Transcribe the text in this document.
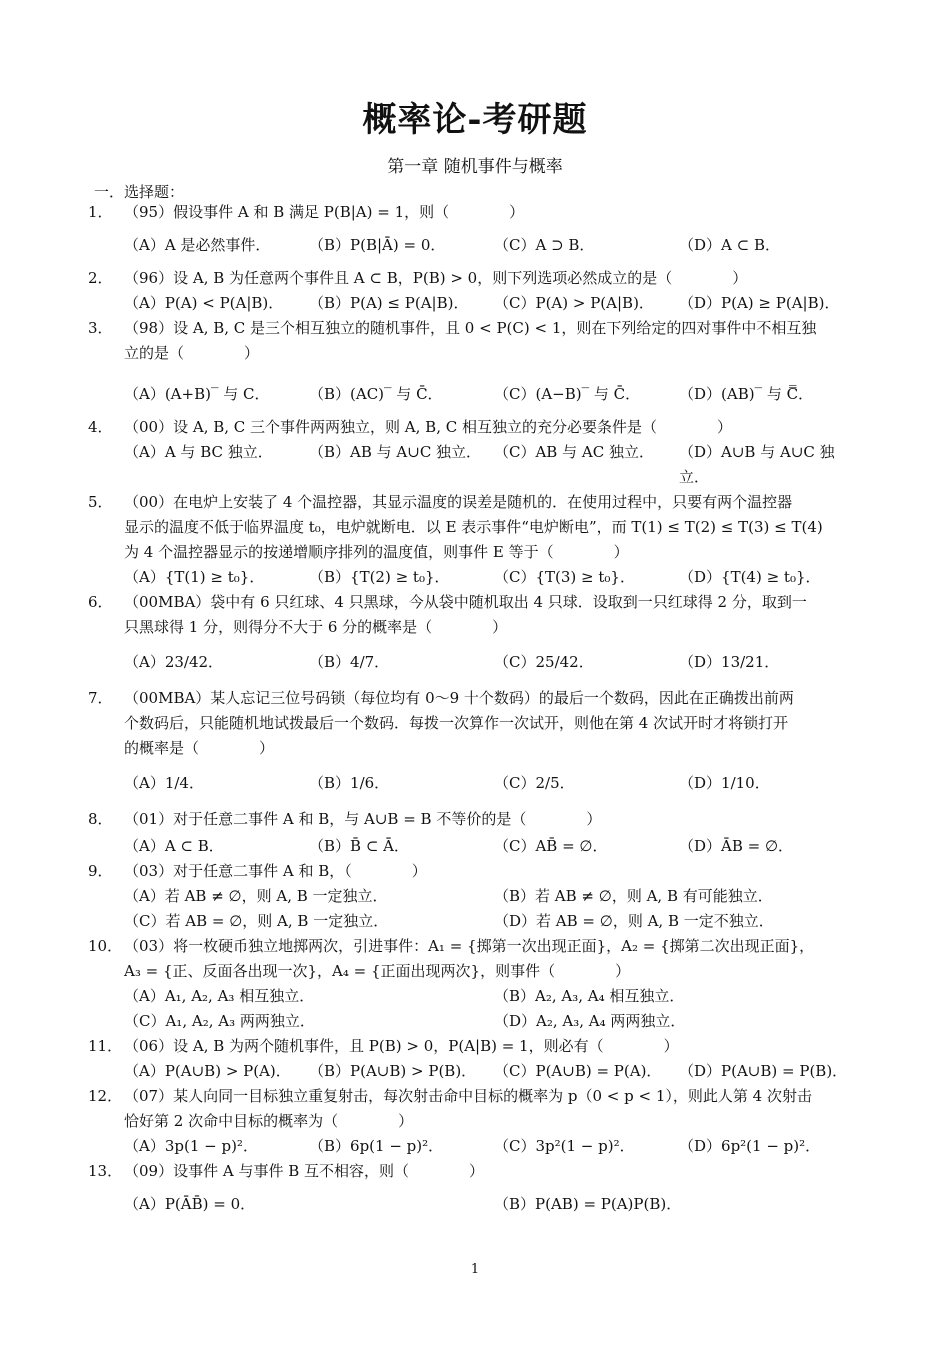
概率论-考研题
第一章 随机事件与概率
一．选择题：
1． （95）假设事件 A 和 B 满足 P(B|A) = 1，则（　　　　）
（A）A 是必然事件．	（B）P(B|Ā) = 0．	（C）A ⊃ B．	（D）A ⊂ B．
2． （96）设 A, B 为任意两个事件且 A ⊂ B，P(B) > 0，则下列选项必然成立的是（　　　　）
（A）P(A) < P(A|B)．	（B）P(A) ≤ P(A|B)．	（C）P(A) > P(A|B)．	（D）P(A) ≥ P(A|B)．
3． （98）设 A, B, C 是三个相互独立的随机事件，且 0 < P(C) < 1，则在下列给定的四对事件中不相互独
立的是（　　　　）
（A）(A+B)‾ 与 C．	（B）(AC)‾ 与 C̄．	（C）(A−B)‾ 与 C̄．	（D）(AB)‾ 与 C̿．
4． （00）设 A, B, C 三个事件两两独立，则 A, B, C 相互独立的充分必要条件是（　　　　）
（A）A 与 BC 独立．	（B）AB 与 A∪C 独立． （C）AB 与 AC 独立．	（D）A∪B 与 A∪C 独立．
5． （00）在电炉上安装了 4 个温控器，其显示温度的误差是随机的．在使用过程中，只要有两个温控器
显示的温度不低于临界温度 t₀，电炉就断电．以 E 表示事件“电炉断电”，而 T(1) ≤ T(2) ≤ T(3) ≤ T(4)
为 4 个温控器显示的按递增顺序排列的温度值，则事件 E 等于（　　　　）
（A）{T(1) ≥ t₀}．	（B）{T(2) ≥ t₀}．	（C）{T(3) ≥ t₀}．	（D）{T(4) ≥ t₀}．
6． （00MBA）袋中有 6 只红球、4 只黑球，今从袋中随机取出 4 只球．设取到一只红球得 2 分，取到一
只黑球得 1 分，则得分不大于 6 分的概率是（　　　　）
（A）23/42．	（B）4/7．	（C）25/42．	（D）13/21．
7． （00MBA）某人忘记三位号码锁（每位均有 0～9 十个数码）的最后一个数码，因此在正确拨出前两
个数码后，只能随机地试拨最后一个数码．每拨一次算作一次试开，则他在第 4 次试开时才将锁打开
的概率是（　　　　）
（A）1/4．	（B）1/6．	（C）2/5．	（D）1/10．
8． （01）对于任意二事件 A 和 B，与 A∪B = B 不等价的是（　　　　）
（A）A ⊂ B．	（B）B̄ ⊂ Ā．	（C）AB̄ = ∅．	（D）ĀB = ∅．
9． （03）对于任意二事件 A 和 B，（　　　　）
（A）若 AB ≠ ∅，则 A, B 一定独立．	（B）若 AB ≠ ∅，则 A, B 有可能独立．
（C）若 AB = ∅，则 A, B 一定独立．	（D）若 AB = ∅，则 A, B 一定不独立．
10． （03）将一枚硬币独立地掷两次，引进事件：A₁ = {掷第一次出现正面}，A₂ = {掷第二次出现正面}，
A₃ = {正、反面各出现一次}，A₄ = {正面出现两次}，则事件（　　　　）
（A）A₁, A₂, A₃ 相互独立．	（B）A₂, A₃, A₄ 相互独立．
（C）A₁, A₂, A₃ 两两独立．	（D）A₂, A₃, A₄ 两两独立．
11． （06）设 A, B 为两个随机事件，且 P(B) > 0，P(A|B) = 1，则必有（　　　　）
（A）P(A∪B) > P(A)．	（B）P(A∪B) > P(B)．	（C）P(A∪B) = P(A)．	（D）P(A∪B) = P(B)．
12． （07）某人向同一目标独立重复射击，每次射击命中目标的概率为 p（0 < p < 1），则此人第 4 次射击
恰好第 2 次命中目标的概率为（　　　　）
（A）3p(1 − p)²．	（B）6p(1 − p)²．	（C）3p²(1 − p)²．	（D）6p²(1 − p)²．
13． （09）设事件 A 与事件 B 互不相容，则（　　　　）
（A）P(ĀB̄) = 0．	（B）P(AB) = P(A)P(B)．
1
